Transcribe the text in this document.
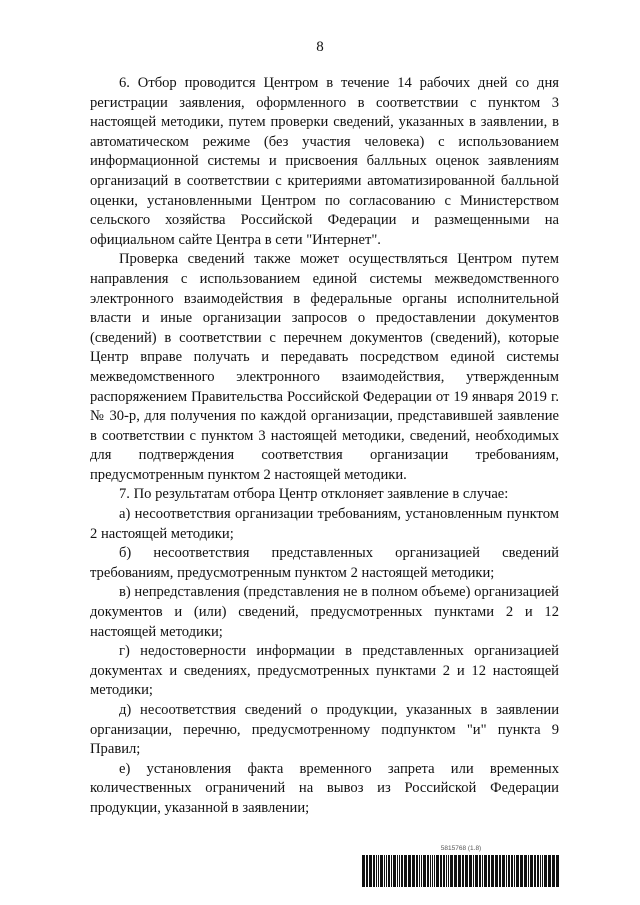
8

6. Отбор проводится Центром в течение 14 рабочих дней со дня регистрации заявления, оформленного в соответствии с пунктом 3 настоящей методики, путем проверки сведений, указанных в заявлении, в автоматическом режиме (без участия человека) с использованием информационной системы и присвоения балльных оценок заявлениям организаций в соответствии с критериями автоматизированной балльной оценки, установленными Центром по согласованию с Министерством сельского хозяйства Российской Федерации и размещенными на официальном сайте Центра в сети "Интернет".

Проверка сведений также может осуществляться Центром путем направления с использованием единой системы межведомственного электронного взаимодействия в федеральные органы исполнительной власти и иные организации запросов о предоставлении документов (сведений) в соответствии с перечнем документов (сведений), которые Центр вправе получать и передавать посредством единой системы межведомственного электронного взаимодействия, утвержденным распоряжением Правительства Российской Федерации от 19 января 2019 г. № 30-р, для получения по каждой организации, представившей заявление в соответствии с пунктом 3 настоящей методики, сведений, необходимых для подтверждения соответствия организации требованиям, предусмотренным пунктом 2 настоящей методики.

7. По результатам отбора Центр отклоняет заявление в случае:

а) несоответствия организации требованиям, установленным пунктом 2 настоящей методики;

б) несоответствия представленных организацией сведений требованиям, предусмотренным пунктом 2 настоящей методики;

в) непредставления (представления не в полном объеме) организацией документов и (или) сведений, предусмотренных пунктами 2 и 12 настоящей методики;

г) недостоверности информации в представленных организацией документах и сведениях, предусмотренных пунктами 2 и 12 настоящей методики;

д) несоответствия сведений о продукции, указанных в заявлении организации, перечню, предусмотренному подпунктом "и" пункта 9 Правил;

е) установления факта временного запрета или временных количественных ограничений на вывоз из Российской Федерации продукции, указанной в заявлении;

5815768 (1.8)
